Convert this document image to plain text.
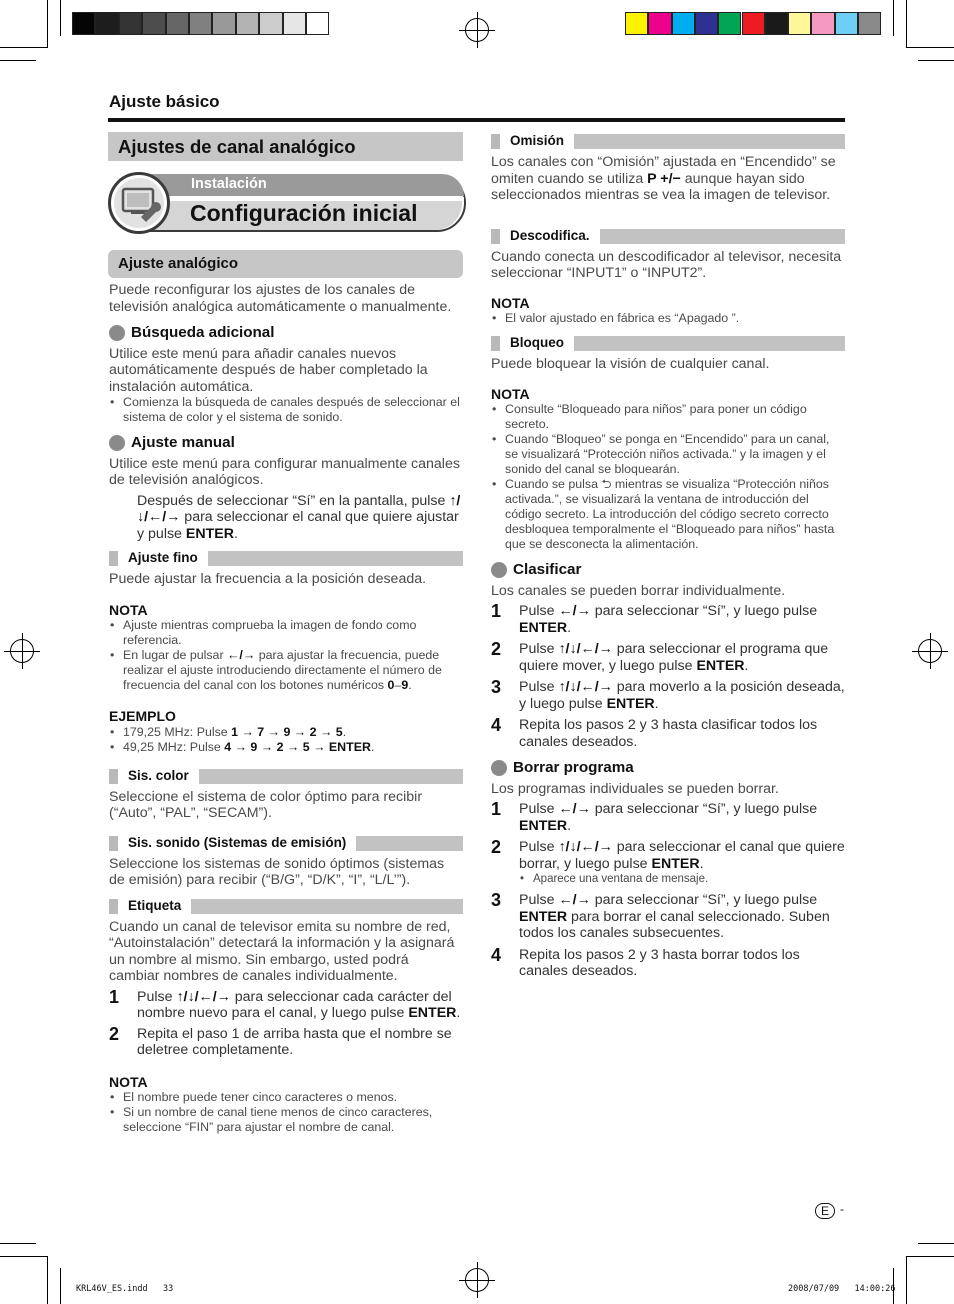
Ajuste básico
Ajustes de canal analógico
Instalación
Configuración inicial
Ajuste analógico

Puede reconfigurar los ajustes de los canales de televisión analógica automáticamente o manualmente.

Búsqueda adicional

Utilice este menú para añadir canales nuevos automáticamente después de haber completado la instalación automática.

• Comienza la búsqueda de canales después de seleccionar el sistema de color y el sistema de sonido.
Ajuste manual

Utilice este menú para configurar manualmente canales de televisión analógicos.

Después de seleccionar “Sí” en la pantalla, pulse ↑/↓/←/→ para seleccionar el canal que quiere ajustar y pulse ENTER.

Ajuste fino

Puede ajustar la frecuencia a la posición deseada.

NOTA
• Ajuste mientras comprueba la imagen de fondo como referencia.
• En lugar de pulsar ←/→ para ajustar la frecuencia, puede realizar el ajuste introduciendo directamente el número de frecuencia del canal con los botones numéricos 0–9.
EJEMPLO
• 179,25 MHz: Pulse 1 → 7 → 9 → 2 → 5.
• 49,25 MHz: Pulse 4 → 9 → 2 → 5 → ENTER.
Sis. color

Seleccione el sistema de color óptimo para recibir (“Auto”, “PAL”, “SECAM”).

Sis. sonido (Sistemas de emisión)

Seleccione los sistemas de sonido óptimos (sistemas de emisión) para recibir (“B/G”, “D/K”, “I”, “L/L’”).

Etiqueta

Cuando un canal de televisor emita su nombre de red, “Autoinstalación” detectará la información y la asignará un nombre al mismo. Sin embargo, usted podrá cambiar nombres de canales individualmente.

1	Pulse ↑/↓/←/→ para seleccionar cada carácter del nombre nuevo para el canal, y luego pulse ENTER.
2	Repita el paso 1 de arriba hasta que el nombre se deletree completamente.
NOTA
• El nombre puede tener cinco caracteres o menos.
• Si un nombre de canal tiene menos de cinco caracteres, seleccione “FIN” para ajustar el nombre de canal.
Omisión

Los canales con “Omisión” ajustada en “Encendido” se omiten cuando se utiliza P +/− aunque hayan sido seleccionados mientras se vea la imagen de televisor.

Descodifica.

Cuando conecta un descodificador al televisor, necesita seleccionar “INPUT1” o “INPUT2”.

NOTA
• El valor ajustado en fábrica es “Apagado ”.
Bloqueo

Puede bloquear la visión de cualquier canal.

NOTA
• Consulte “Bloqueado para niños” para poner un código secreto.
• Cuando “Bloqueo” se ponga en “Encendido” para un canal, se visualizará “Protección niños activada.” y la imagen y el sonido del canal se bloquearán.
• Cuando se pulsa ⮌ mientras se visualiza “Protección niños activada.”, se visualizará la ventana de introducción del código secreto. La introducción del código secreto correcto desbloquea temporalmente el “Bloqueado para niños” hasta que se desconecta la alimentación.
Clasificar

Los canales se pueden borrar individualmente.

1	Pulse ←/→ para seleccionar “Sí”, y luego pulse ENTER.
2	Pulse ↑/↓/←/→ para seleccionar el programa que quiere mover, y luego pulse ENTER.
3	Pulse ↑/↓/←/→ para moverlo a la posición deseada, y luego pulse ENTER.
4	Repita los pasos 2 y 3 hasta clasificar todos los canales deseados.
Borrar programa

Los programas individuales se pueden borrar.

1	Pulse ←/→ para seleccionar “Sí”, y luego pulse ENTER.
2	Pulse ↑/↓/←/→ para seleccionar el canal que quiere borrar, y luego pulse ENTER.
• Aparece una ventana de mensaje.
3	Pulse ←/→ para seleccionar “Sí”, y luego pulse ENTER para borrar el canal seleccionado. Suben todos los canales subsecuentes.
4	Repita los pasos 2 y 3 hasta borrar todos los canales deseados.
E -
KRL46V_ES.indd   33	2008/07/09   14:00:26
